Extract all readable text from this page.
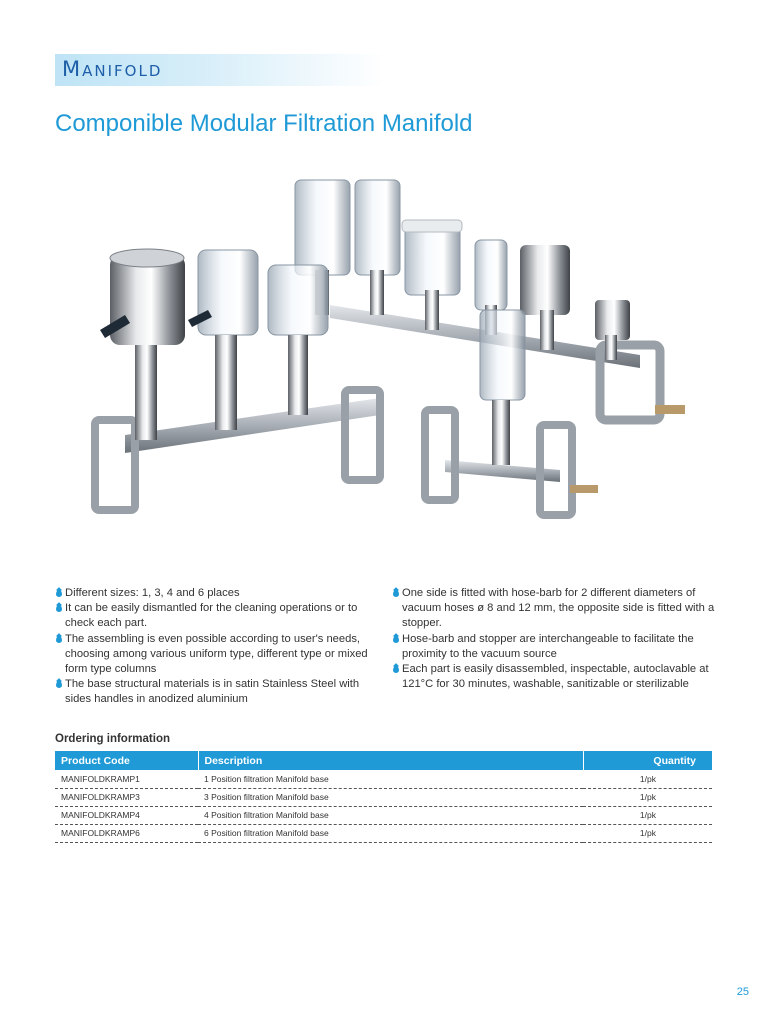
Manifold
Componible Modular Filtration Manifold
Different sizes: 1, 3, 4 and 6 places
It can be easily dismantled for the cleaning operations or to check each part.
The assembling is even possible according to user's needs, choosing among various uniform type, different type or mixed form type columns
The base structural materials is in satin Stainless Steel with sides handles in anodized aluminium
One side is fitted with hose-barb for 2 different diameters of vacuum hoses ø 8 and 12 mm, the opposite side is fitted with a stopper.
Hose-barb and stopper are interchangeable to facilitate the proximity to the vacuum source
Each part is easily disassembled, inspectable, autoclavable at 121°C for 30 minutes, washable, sanitizable or sterilizable
Ordering information
Product Code	Description	Quantity
MANIFOLDKRAMP1	1 Position filtration Manifold base	1/pk
MANIFOLDKRAMP3	3 Position filtration Manifold base	1/pk
MANIFOLDKRAMP4	4 Position filtration Manifold base	1/pk
MANIFOLDKRAMP6	6 Position filtration Manifold base	1/pk
25
